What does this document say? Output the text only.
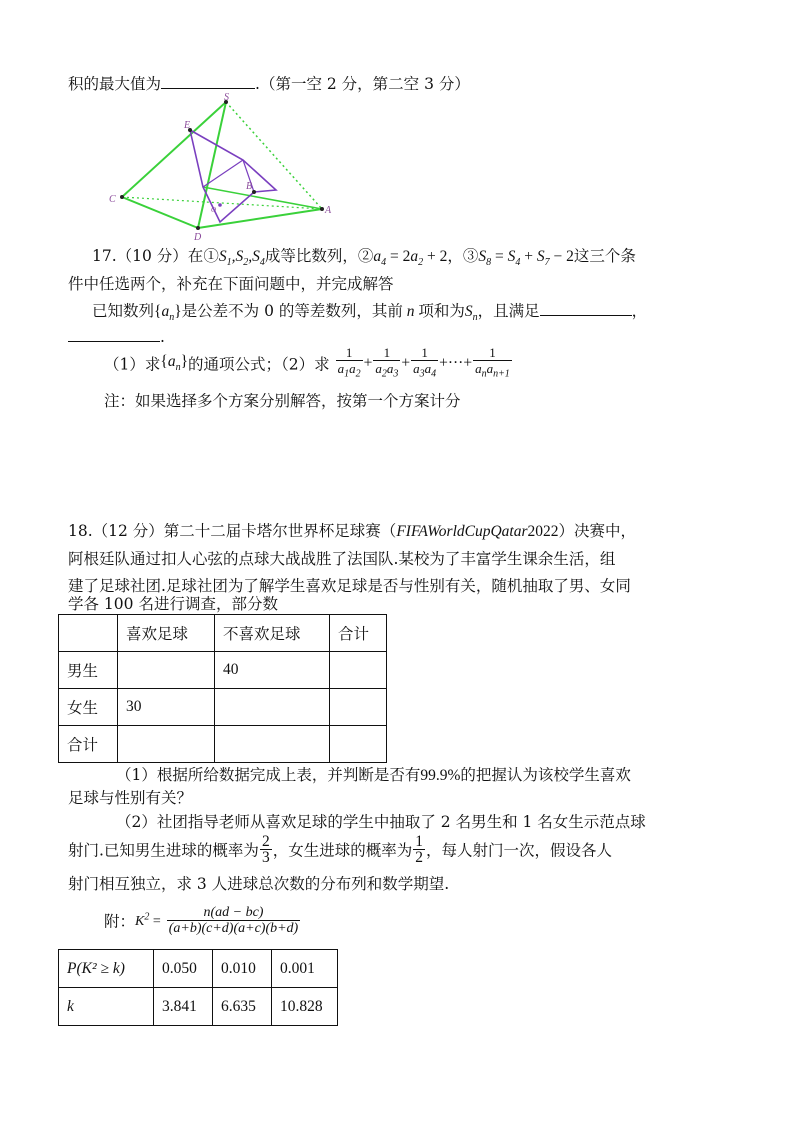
积的最大值为	.（第一空 2 分，第二空 3 分）
S
E
C
B
O	A
D
17.（10 分）在$①S_1,S_2,S_4$成等比数列，$②a_4 = 2a_2 + 2$，$③S_8 = S_4 + S_7 - 2$这三个条
件中任选两个，补充在下面问题中，并完成解答
已知数列$\{a_n\}$是公差不为 0 的等差数列，其前 n 项和为$S_n$，且满足	，
.
（1）求$\{a_n\}$的通项公式；（2）求 $\frac{1}{a_1a_2} + \frac{1}{a_2a_3} + \frac{1}{a_3a_4}$ +···+ $\frac{1}{a_na_{n+1}}$
注：如果选择多个方案分别解答，按第一个方案计分
18.（12 分）第二十二届卡塔尔世界杯足球赛（FIFAWorldCupQatar2022）决赛中，
阿根廷队通过扣人心弦的点球大战战胜了法国队.某校为了丰富学生课余生活，组
建了足球社团.足球社团为了解学生喜欢足球是否与性别有关，随机抽取了男、女同
学各 100 名进行调查，部分数
	喜欢足球	不喜欢足球	合计
男生		40	
女生	30		
合计			
（1）根据所给数据完成上表，并判断是否有99.9%的把握认为该校学生喜欢
足球与性别有关？
（2）社团指导老师从喜欢足球的学生中抽取了 2 名男生和 1 名女生示范点球
射门.已知男生进球的概率为 $\frac{2}{3}$ ，女生进球的概率为 $\frac{1}{2}$ ，每人射门一次，假设各人
射门相互独立，求 3 人进球总次数的分布列和数学期望.
附：$K^2 = \frac{n(ad - bc)}{(a+b)(c+d)(a+c)(b+d)}$
P(K² ≥ k)	0.050	0.010	0.001
k	3.841	6.635	10.828
